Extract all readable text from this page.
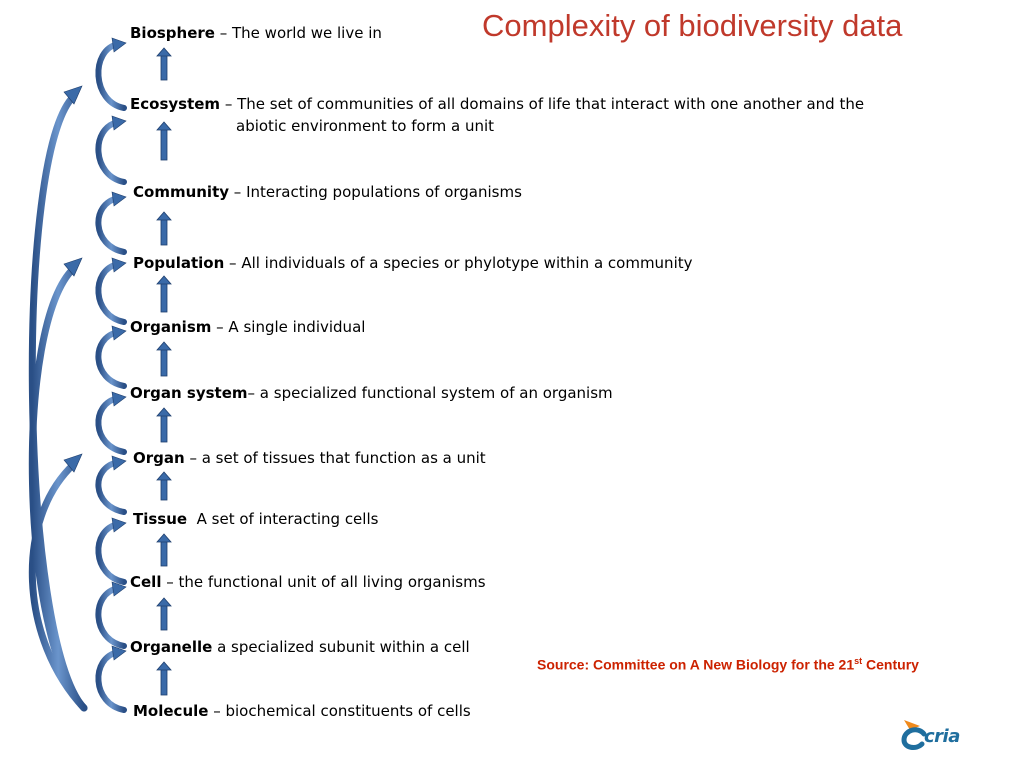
Complexity of biodiversity data
Biosphere – The world we live in
Ecosystem – The set of communities of all domains of life that interact with one another and the
abiotic environment to form a unit
Community – Interacting populations of organisms
Population – All individuals of a species or phylotype within a community
Organism – A single individual
Organ system– a specialized functional system of an organism
Organ – a set of tissues that function as a unit
Tissue  A set of interacting cells
Cell – the functional unit of all living organisms
Organelle a specialized subunit within a cell
Molecule – biochemical constituents of cells
Source: Committee on A New Biology for the 21st Century
cria
